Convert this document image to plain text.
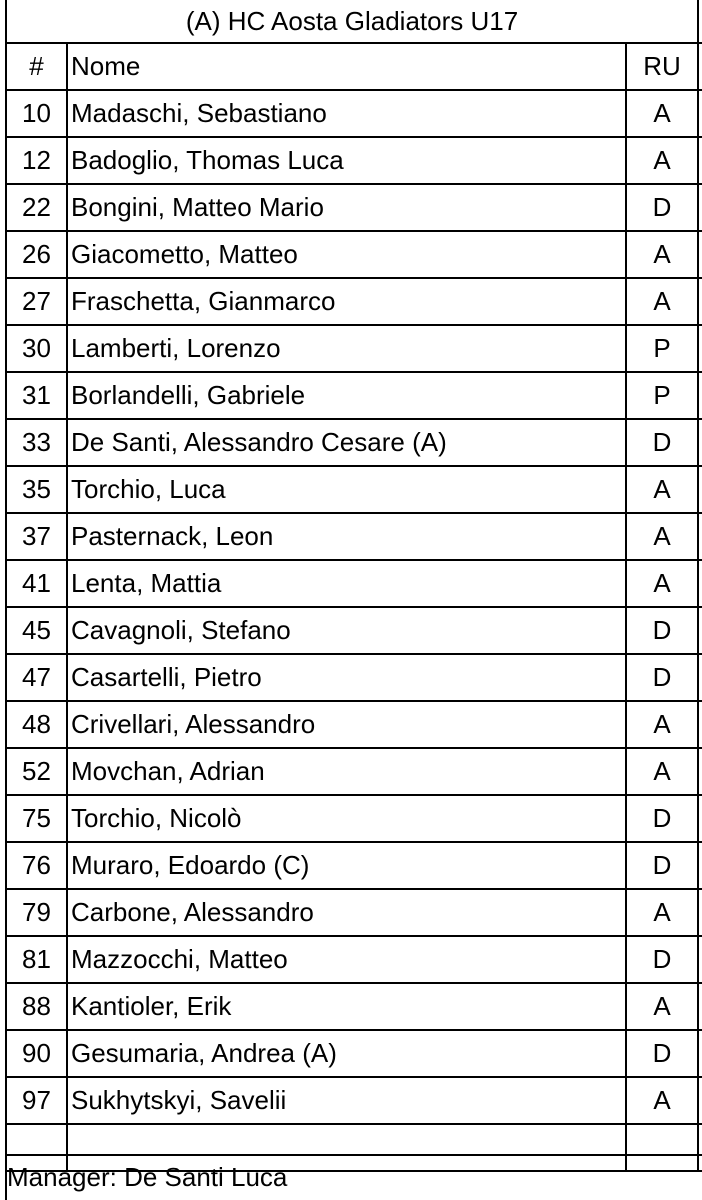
(A) HC Aosta Gladiators U17			
#	Nome	RU	
10	Madaschi, Sebastiano	A	
12	Badoglio, Thomas Luca	A	
22	Bongini, Matteo Mario	D	
26	Giacometto, Matteo	A	
27	Fraschetta, Gianmarco	A	
30	Lamberti, Lorenzo	P	
31	Borlandelli, Gabriele	P	
33	De Santi, Alessandro Cesare (A)	D	
35	Torchio, Luca	A	
37	Pasternack, Leon	A	
41	Lenta, Mattia	A	
45	Cavagnoli, Stefano	D	
47	Casartelli, Pietro	D	
48	Crivellari, Alessandro	A	
52	Movchan, Adrian	A	
75	Torchio, Nicolò	D	
76	Muraro, Edoardo (C)	D	
79	Carbone, Alessandro	A	
81	Mazzocchi, Matteo	D	
88	Kantioler, Erik	A	
90	Gesumaria, Andrea (A)	D	
97	Sukhytskyi, Savelii	A	

Manager: De Santi Luca
